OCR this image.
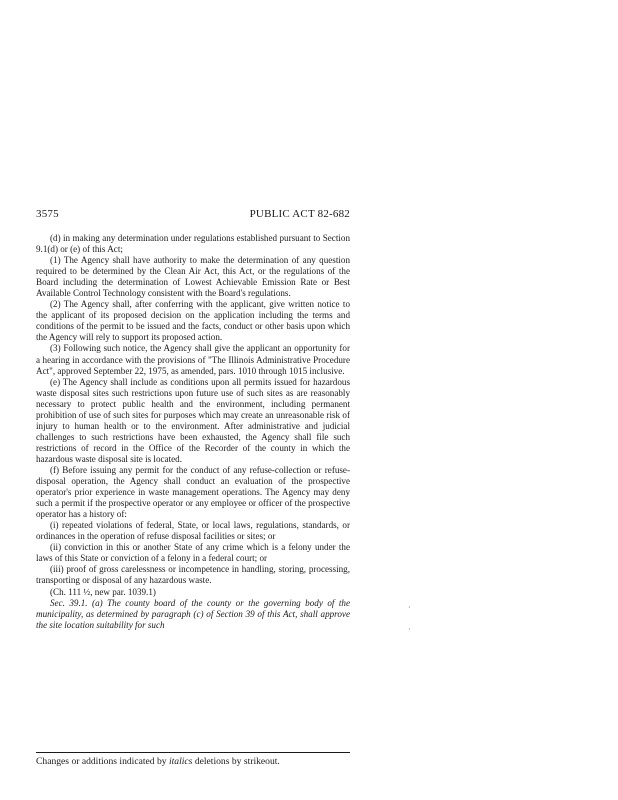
3575	PUBLIC ACT 82-682

(d) in making any determination under regulations established pursuant to Section 9.1(d) or (e) of this Act;

(1) The Agency shall have authority to make the determination of any question required to be determined by the Clean Air Act, this Act, or the regulations of the Board including the determination of Lowest Achievable Emission Rate or Best Available Control Technology consistent with the Board's regulations.

(2) The Agency shall, after conferring with the applicant, give written notice to the applicant of its proposed decision on the application including the terms and conditions of the permit to be issued and the facts, conduct or other basis upon which the Agency will rely to support its proposed action.

(3) Following such notice, the Agency shall give the applicant an opportunity for a hearing in accordance with the provisions of "The Illinois Administrative Procedure Act", approved September 22, 1975, as amended, pars. 1010 through 1015 inclusive.

(e) The Agency shall include as conditions upon all permits issued for hazardous waste disposal sites such restrictions upon future use of such sites as are reasonably necessary to protect public health and the environment, including permanent prohibition of use of such sites for purposes which may create an unreasonable risk of injury to human health or to the environment. After administrative and judicial challenges to such restrictions have been exhausted, the Agency shall file such restrictions of record in the Office of the Recorder of the county in which the hazardous waste disposal site is located.

(f) Before issuing any permit for the conduct of any refuse-collection or refuse-disposal operation, the Agency shall conduct an evaluation of the prospective operator's prior experience in waste management operations. The Agency may deny such a permit if the prospective operator or any employee or officer of the prospective operator has a history of:

(i) repeated violations of federal, State, or local laws, regulations, standards, or ordinances in the operation of refuse disposal facilities or sites; or

(ii) conviction in this or another State of any crime which is a felony under the laws of this State or conviction of a felony in a federal court; or

(iii) proof of gross carelessness or incompetence in handling, storing, processing, transporting or disposal of any hazardous waste.

(Ch. 111 ½, new par. 1039.1)

Sec. 39.1. (a) The county board of the county or the governing body of the municipality, as determined by paragraph (c) of Section 39 of this Act, shall approve the site location suitability for such

Changes or additions indicated by italics deletions by strikeout.
·
·
